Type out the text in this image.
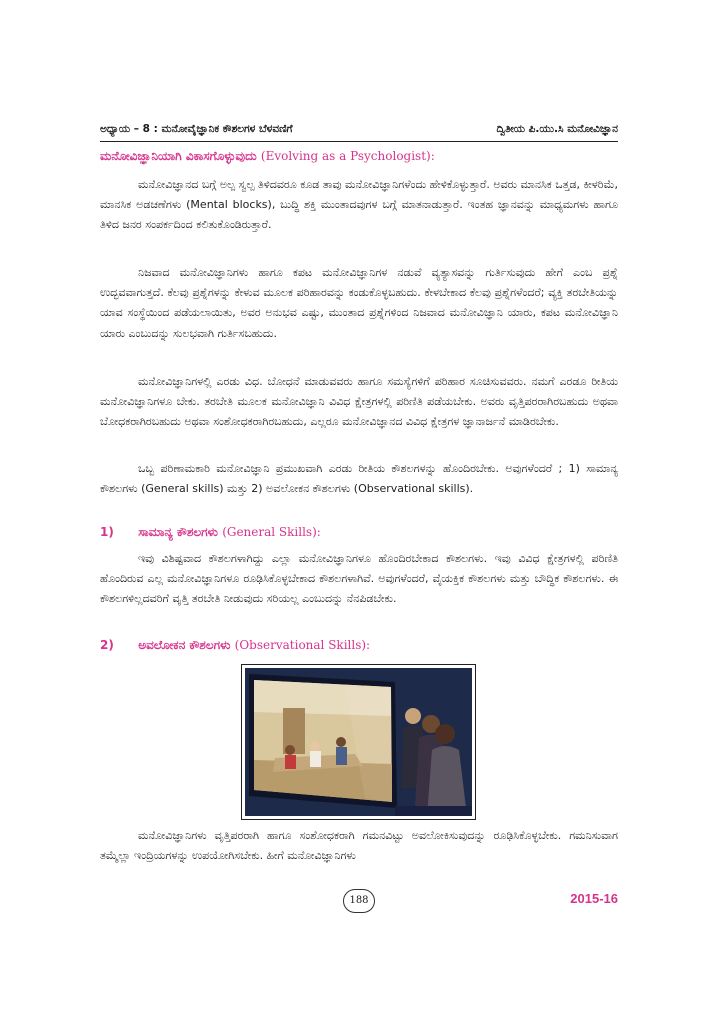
ಅಧ್ಯಾಯ – 8 : ಮನೋವೈಜ್ಞಾನಿಕ ಕೌಶಲಗಳ ಬೆಳವಣಿಗೆ	ದ್ವಿತೀಯ ಪಿ.ಯು.ಸಿ ಮನೋವಿಜ್ಞಾನ
ಮನೋವಿಜ್ಞಾನಿಯಾಗಿ ವಿಕಾಸಗೊಳ್ಳುವುದು (Evolving as a Psychologist):

ಮನೋವಿಜ್ಞಾನದ ಬಗ್ಗೆ ಅಲ್ಪ ಸ್ವಲ್ಪ ತಿಳಿದವರೂ ಕೂಡ ತಾವು ಮನೋವಿಜ್ಞಾನಿಗಳೆಂದು ಹೇಳಿಕೊಳ್ಳುತ್ತಾರೆ. ಅವರು ಮಾನಸಿಕ ಒತ್ತಡ, ಕೀಳರಿಮೆ, ಮಾನಸಿಕ ಅಡಚಣೆಗಳು (Mental blocks), ಬುದ್ಧಿ ಶಕ್ತಿ ಮುಂತಾದವುಗಳ ಬಗ್ಗೆ ಮಾತನಾಡುತ್ತಾರೆ. ಇಂತಹ ಜ್ಞಾನವನ್ನು ಮಾಧ್ಯಮಗಳು ಹಾಗೂ ತಿಳಿದ ಜನರ ಸಂಪರ್ಕದಿಂದ ಕಲಿತುಕೊಂಡಿರುತ್ತಾರೆ.

ನಿಜವಾದ ಮನೋವಿಜ್ಞಾನಿಗಳು ಹಾಗೂ ಕಪಟ ಮನೋವಿಜ್ಞಾನಿಗಳ ನಡುವೆ ವ್ಯತ್ಯಾಸವನ್ನು ಗುರ್ತಿಸುವುದು ಹೇಗೆ ಎಂಬ ಪ್ರಶ್ನೆ ಉದ್ಭವವಾಗುತ್ತದೆ. ಕೆಲವು ಪ್ರಶ್ನೆಗಳನ್ನು ಕೇಳುವ ಮೂಲಕ ಪರಿಹಾರವನ್ನು ಕಂಡುಕೊಳ್ಳಬಹುದು. ಕೇಳಬೇಕಾದ ಕೆಲವು ಪ್ರಶ್ನೆಗಳೆಂದರೆ; ವ್ಯಕ್ತಿ ತರಬೇತಿಯನ್ನು ಯಾವ ಸಂಸ್ಥೆಯಿಂದ ಪಡೆಯಲಾಯಿತು, ಅವರ ಅನುಭವ ಎಷ್ಟು, ಮುಂತಾದ ಪ್ರಶ್ನೆಗಳಿಂದ ನಿಜವಾದ ಮನೋವಿಜ್ಞಾನಿ ಯಾರು, ಕಪಟ ಮನೋವಿಜ್ಞಾನಿ ಯಾರು ಎಂಬುದನ್ನು ಸುಲಭವಾಗಿ ಗುರ್ತಿಸಬಹುದು.

ಮನೋವಿಜ್ಞಾನಿಗಳಲ್ಲಿ ಎರಡು ವಿಧ. ಬೋಧನೆ ಮಾಡುವವರು ಹಾಗೂ ಸಮಸ್ಯೆಗಳಿಗೆ ಪರಿಹಾರ ಸೂಚಿಸುವವರು. ನಮಗೆ ಎರಡೂ ರೀತಿಯ ಮನೋವಿಜ್ಞಾನಿಗಳೂ ಬೇಕು. ತರಬೇತಿ ಮೂಲಕ ಮನೋವಿಜ್ಞಾನಿ ವಿವಿಧ ಕ್ಷೇತ್ರಗಳಲ್ಲಿ ಪರಿಣಿತಿ ಪಡೆಯಬೇಕು. ಅವರು ವೃತ್ತಿಪರರಾಗಿರಬಹುದು ಅಥವಾ ಬೋಧಕರಾಗಿರಬಹುದು ಅಥವಾ ಸಂಶೋಧಕರಾಗಿರಬಹುದು, ಎಲ್ಲರೂ ಮನೋವಿಜ್ಞಾನದ ವಿವಿಧ ಕ್ಷೇತ್ರಗಳ ಜ್ಞಾನಾರ್ಜನೆ ಮಾಡಿರಬೇಕು.

ಒಬ್ಬ ಪರಿಣಾಮಕಾರಿ ಮನೋವಿಜ್ಞಾನಿ ಪ್ರಮುಖವಾಗಿ ಎರಡು ರೀತಿಯ ಕೌಶಲಗಳನ್ನು ಹೊಂದಿರಬೇಕು. ಅವುಗಳೆಂದರೆ ; 1) ಸಾಮಾನ್ಯ ಕೌಶಲಗಳು (General skills) ಮತ್ತು 2) ಅವಲೋಕನ ಕೌಶಲಗಳು (Observational skills).

1) ಸಾಮಾನ್ಯ ಕೌಶಲಗಳು (General Skills):

ಇವು ವಿಶಿಷ್ಟವಾದ ಕೌಶಲಗಳಾಗಿದ್ದು ಎಲ್ಲಾ ಮನೋವಿಜ್ಞಾನಿಗಳೂ ಹೊಂದಿರಬೇಕಾದ ಕೌಶಲಗಳು. ಇವು ವಿವಿಧ ಕ್ಷೇತ್ರಗಳಲ್ಲಿ ಪರಿಣಿತಿ ಹೊಂದಿರುವ ಎಲ್ಲ ಮನೋವಿಜ್ಞಾನಿಗಳೂ ರೂಢಿಸಿಕೊಳ್ಳಬೇಕಾದ ಕೌಶಲಗಳಾಗಿವೆ. ಅವುಗಳೆಂದರೆ, ವೈಯಕ್ತಿಕ ಕೌಶಲಗಳು ಮತ್ತು ಬೌದ್ಧಿಕ ಕೌಶಲಗಳು. ಈ ಕೌಶಲಗಳಿಲ್ಲದವರಿಗೆ ವೃತ್ತಿ ತರಬೇತಿ ನೀಡುವುದು ಸರಿಯಲ್ಲ ಎಂಬುದನ್ನು ನೆನಪಿಡಬೇಕು.

2) ಅವಲೋಕನ ಕೌಶಲಗಳು (Observational Skills):

ಮನೋವಿಜ್ಞಾನಿಗಳು ವೃತ್ತಿಪರರಾಗಿ ಹಾಗೂ ಸಂಶೋಧಕರಾಗಿ ಗಮನವಿಟ್ಟು ಅವಲೋಕಿಸುವುದನ್ನು ರೂಢಿಸಿಕೊಳ್ಳಬೇಕು. ಗಮನಿಸುವಾಗ ತಮ್ಮೆಲ್ಲಾ ಇಂದ್ರಿಯಗಳನ್ನು ಉಪಯೋಗಿಸಬೇಕು. ಹೀಗೆ ಮನೋವಿಜ್ಞಾನಿಗಳು

188	2015-16
